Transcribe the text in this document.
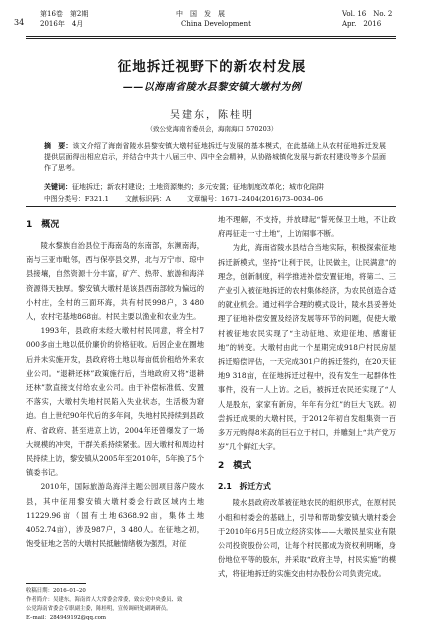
34
第16卷　第2期
2016年　4月
中　国　发　展
China Development
Vol. 16　No. 2
Apr.　2016
征地拆迁视野下的新农村发展
——以海南省陵水县黎安镇大墩村为例
吴建东，陈桂明
（致公党海南省委员会，海南海口 570203）
摘　要：该文介绍了海南省陵水县黎安镇大墩村征地拆迁与发展的基本模式，在此基础上从农村征地拆迁发展提供层面得出相应启示，并结合中共十八届三中、四中全会精神，从协路城镇化发展与新农村建设等多个层面作了思考。
关键词：征地拆迁；新农村建设；土地资源集约；多元安置；征地制度改革化；城市化陷阱
中图分类号：F321.1 文献标识码：A 文章编号：1671–2404(2016)73–0034–06
1　概况

陵水黎族自治县位于海南岛的东南部，东濒南海，南与三亚市毗邻，西与保亭县交界，北与万宁市、琼中县接壤，自然资源十分丰富，矿产、热带、旅游和海洋资源得天独厚。黎安镇大墩村是该县西南部较为偏远的小村庄，全村的三面环海，共有村民998户，3 480人，农村宅基地868亩。村民主要以渔业和农业为生。

1993年，县政府未经大墩村村民同意，将全村7 000多亩土地以低价廉价的价格征收。后因企业在圈地后并未实施开发，县政府将土地以每亩低价租给外来农业公司。“退耕还林”政策施行后，当地政府又将“退耕还林”款直接支付给农业公司。由于补偿标准低、安置不落实，大墩村失地村民陷入失业状态，生活极为窘迫。自上世纪90年代后的多年间，失地村民持续到县政府、省政府、甚至进京上访，2004年还曾爆发了一场大规模的冲突，干群关系持续紧张。因大墩村和周边村民持续上访，黎安镇从2005年至2010年，5年换了5个镇委书记。

2010年，国际旅游岛海洋主题公园项目落户陵水县，其中征用黎安镇大墩村委会行政区域内土地11229.96亩（国有土地6368.92亩，集体土地4052.74亩），涉及987户，3 480人。在征地之初，饱受征地之苦的大墩村民抵触情绪极为强烈，对征

地不理解，不支持，并放肆起“誓死保卫土地，不让政府再征走一寸土地”，上访闹事不断。

为此，海南省陵水县结合当地实际，积极探索征地拆迁新模式，坚持“让利于民，让民做主，让民满意”的理念，创新制度，科学推进补偿安置征地，将第二、三产业引入被征地拆迁的农村集体经济，为农民创造合适的就业机会。通过科学合理的模式设计，陵水县妥善处理了征地补偿安置及经济发展等环节的问题，促使大墩村被征地农民实现了“主动征地、欢迎征地、感谢征地”的转变。大墩村由此一个星期完成918户村民房屋拆迁赔偿评估，一天完成301户的拆迁签约，在20天征地9 318亩，在征地拆迁过程中，没有发生一起群体性事件，没有一人上访。之后，被拆迁农民还实现了“人人是股东，家家有新房，年年有分红”的巨大飞跃。初尝拆迁成果的大墩村民，于2012年初自发组集资一百多万元购得8米高的巨石立于村口，并雕刻上“共产党万岁”几个鲜红大字。

2　模式
2.1　拆迁方式

陵水县政府改革被征地农民的组织形式，在原村民小组和村委会的基础上，引导和帮助黎安镇大墩村委会于2010年6月5日成立经济实体——大墩民星实业有限公司投资股份公司，让每个村民都成为资权利明晰，身份地位平等的股东，并采取“政府主导，村民实施”的模式，将征地拆迁的实施交由村办股份公司负责完成。

收稿日期：2016–01–20
作者简介：吴建东，海南省人大常委会常委，致公党中央委员、致
公党海南省委会专职副主委，陈桂明，宣传调研处副调研员。
E–mail：284949192@qq.com
